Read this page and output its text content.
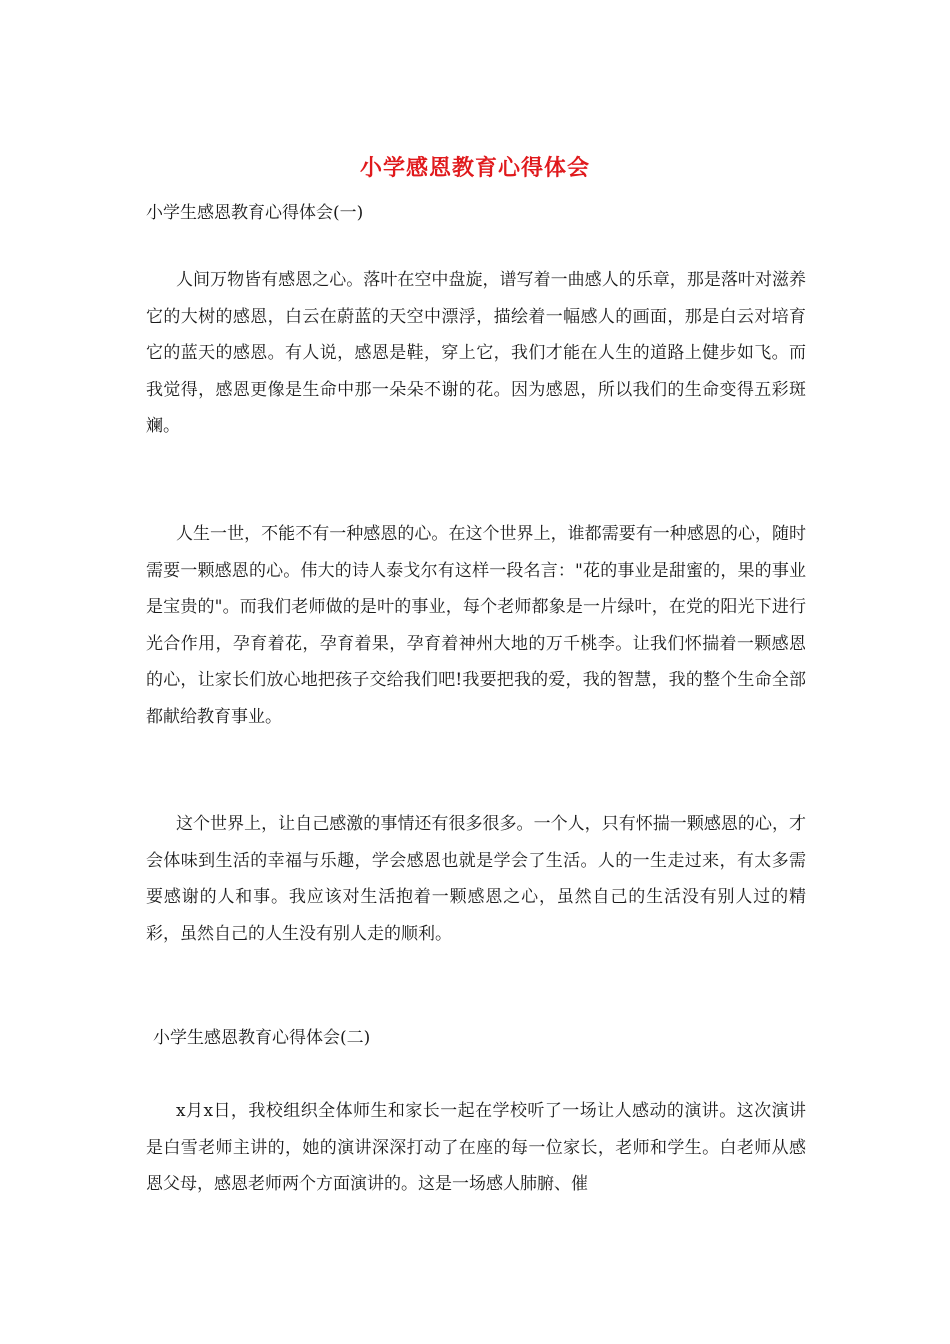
小学感恩教育心得体会
小学生感恩教育心得体会(一)

人间万物皆有感恩之心。落叶在空中盘旋，谱写着一曲感人的乐章，那是落叶对滋养它的大树的感恩，白云在蔚蓝的天空中漂浮，描绘着一幅感人的画面，那是白云对培育它的蓝天的感恩。有人说，感恩是鞋，穿上它，我们才能在人生的道路上健步如飞。而我觉得，感恩更像是生命中那一朵朵不谢的花。因为感恩，所以我们的生命变得五彩斑斓。

人生一世，不能不有一种感恩的心。在这个世界上，谁都需要有一种感恩的心，随时需要一颗感恩的心。伟大的诗人泰戈尔有这样一段名言："花的事业是甜蜜的，果的事业是宝贵的"。而我们老师做的是叶的事业，每个老师都象是一片绿叶，在党的阳光下进行光合作用，孕育着花，孕育着果，孕育着神州大地的万千桃李。让我们怀揣着一颗感恩的心，让家长们放心地把孩子交给我们吧!我要把我的爱，我的智慧，我的整个生命全部都献给教育事业。

这个世界上，让自己感激的事情还有很多很多。一个人，只有怀揣一颗感恩的心，才会体味到生活的幸福与乐趣，学会感恩也就是学会了生活。人的一生走过来，有太多需要感谢的人和事。我应该对生活抱着一颗感恩之心，虽然自己的生活没有别人过的精彩，虽然自己的人生没有别人走的顺利。

小学生感恩教育心得体会(二)

x月x日，我校组织全体师生和家长一起在学校听了一场让人感动的演讲。这次演讲是白雪老师主讲的，她的演讲深深打动了在座的每一位家长，老师和学生。白老师从感恩父母，感恩老师两个方面演讲的。这是一场感人肺腑、催
